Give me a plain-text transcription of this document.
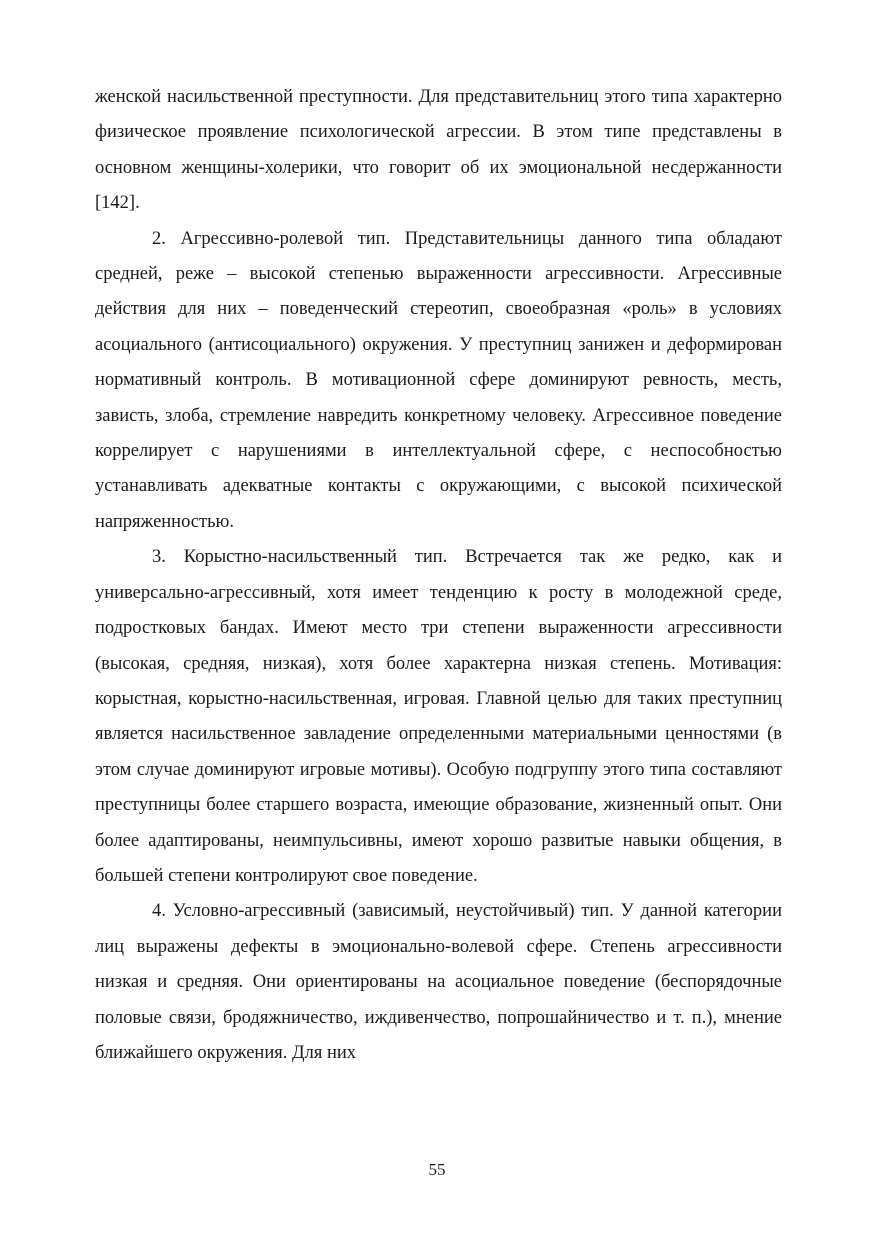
женской насильственной преступности. Для представительниц этого типа характерно физическое проявление психологической агрессии. В этом типе представлены в основном женщины-холерики, что говорит об их эмоциональной несдержанности [142].

2. Агрессивно-ролевой тип. Представительницы данного типа обладают средней, реже – высокой степенью выраженности агрессивности. Агрессивные действия для них – поведенческий стереотип, своеобразная «роль» в условиях асоциального (антисоциального) окружения. У преступниц занижен и деформирован нормативный контроль. В мотивационной сфере доминируют ревность, месть, зависть, злоба, стремление навредить конкретному человеку. Агрессивное поведение коррелирует с нарушениями в интеллектуальной сфере, с неспособностью устанавливать адекватные контакты с окружающими, с высокой психической напряженностью.

3. Корыстно-насильственный тип. Встречается так же редко, как и универсально-агрессивный, хотя имеет тенденцию к росту в молодежной среде, подростковых бандах. Имеют место три степени выраженности агрессивности (высокая, средняя, низкая), хотя более характерна низкая степень. Мотивация: корыстная, корыстно-насильственная, игровая. Главной целью для таких преступниц является насильственное завладение определенными материальными ценностями (в этом случае доминируют игровые мотивы). Особую подгруппу этого типа составляют преступницы более старшего возраста, имеющие образование, жизненный опыт. Они более адаптированы, неимпульсивны, имеют хорошо развитые навыки общения, в большей степени контролируют свое поведение.

4. Условно-агрессивный (зависимый, неустойчивый) тип. У данной категории лиц выражены дефекты в эмоционально-волевой сфере. Степень агрессивности низкая и средняя. Они ориентированы на асоциальное поведение (беспорядочные половые связи, бродяжничество, иждивенчество, попрошайничество и т. п.), мнение ближайшего окружения. Для них

55
